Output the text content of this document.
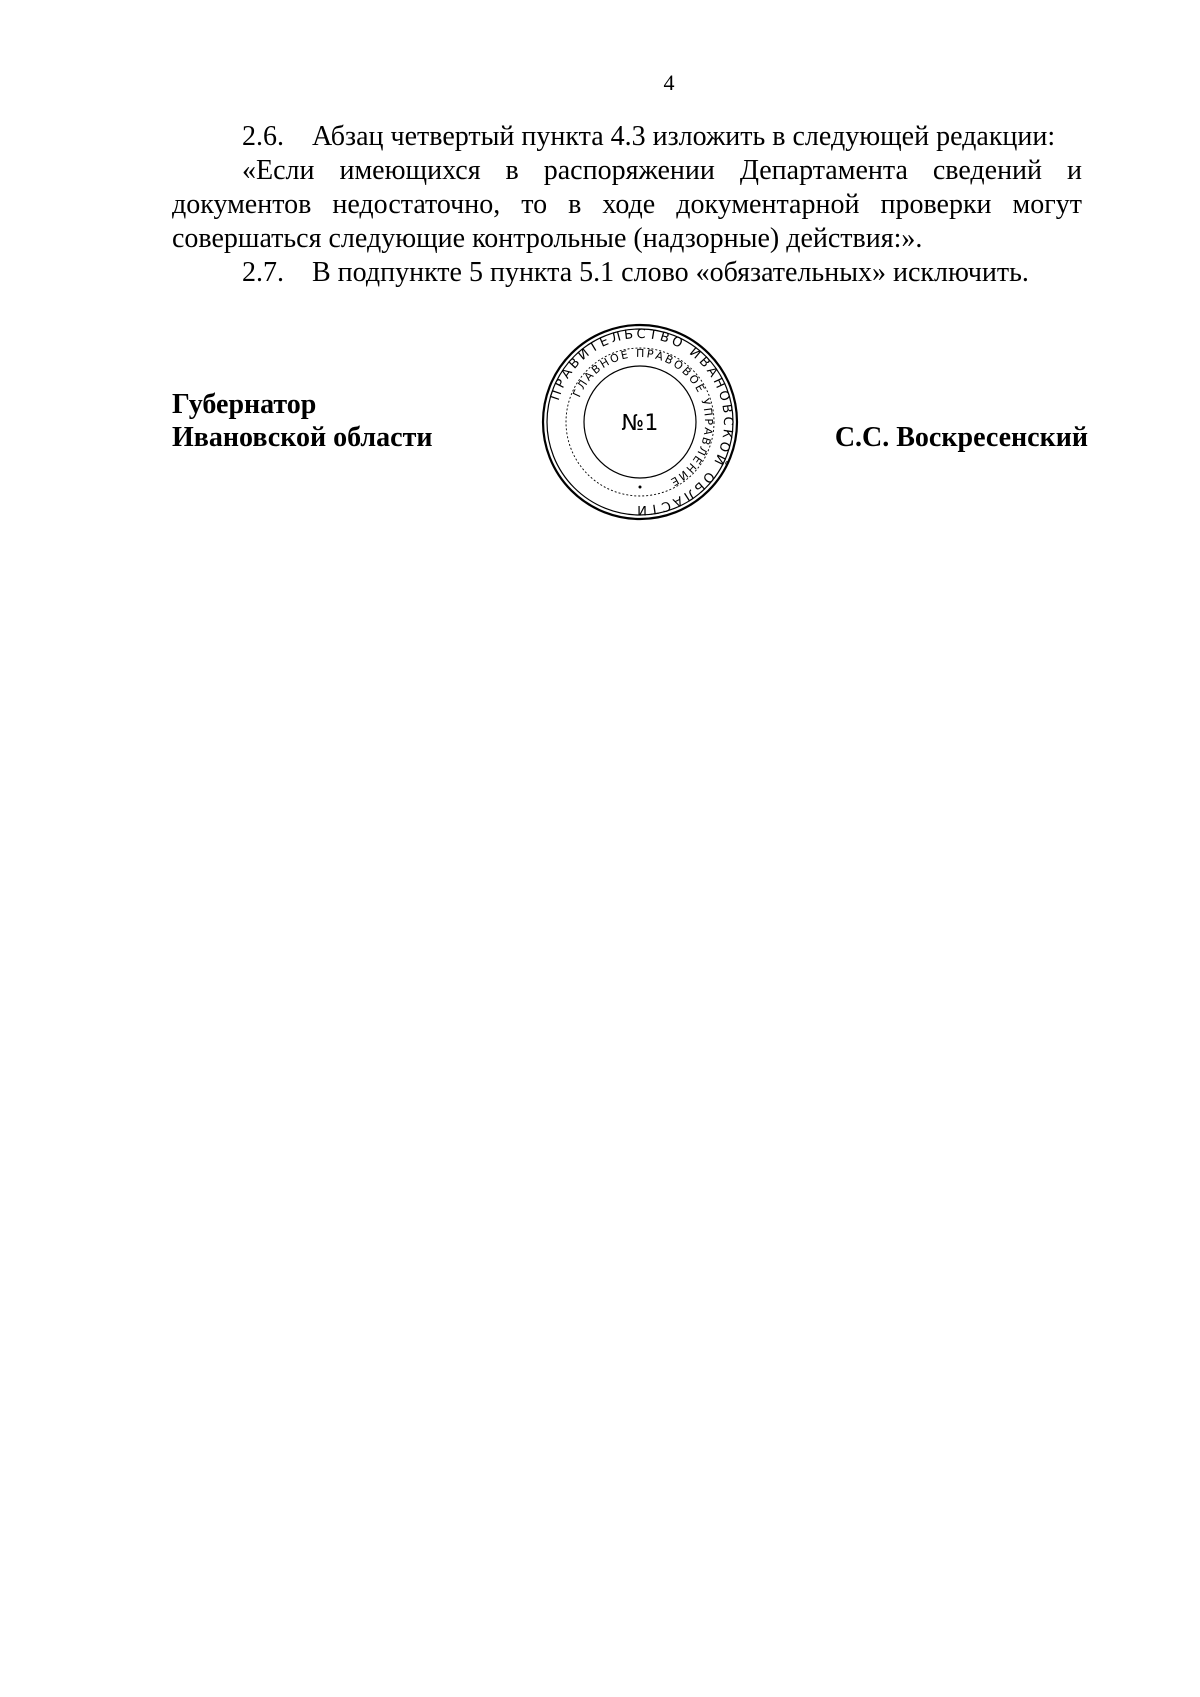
4

2.6. Абзац четвертый пункта 4.3 изложить в следующей редакции:

«Если имеющихся в распоряжении Департамента сведений и документов недостаточно, то в ходе документарной проверки могут совершаться следующие контрольные (надзорные) действия:».

2.7. В подпункте 5 пункта 5.1 слово «обязательных» исключить.

Губернатор
Ивановской области
ПРАВИТЕЛЬСТВО ИВАНОВСКОЙ ОБЛАСТИ
ГЛАВНОЕ ПРАВОВОЕ УПРАВЛЕНИЕ
№1	С.С. Воскресенский
